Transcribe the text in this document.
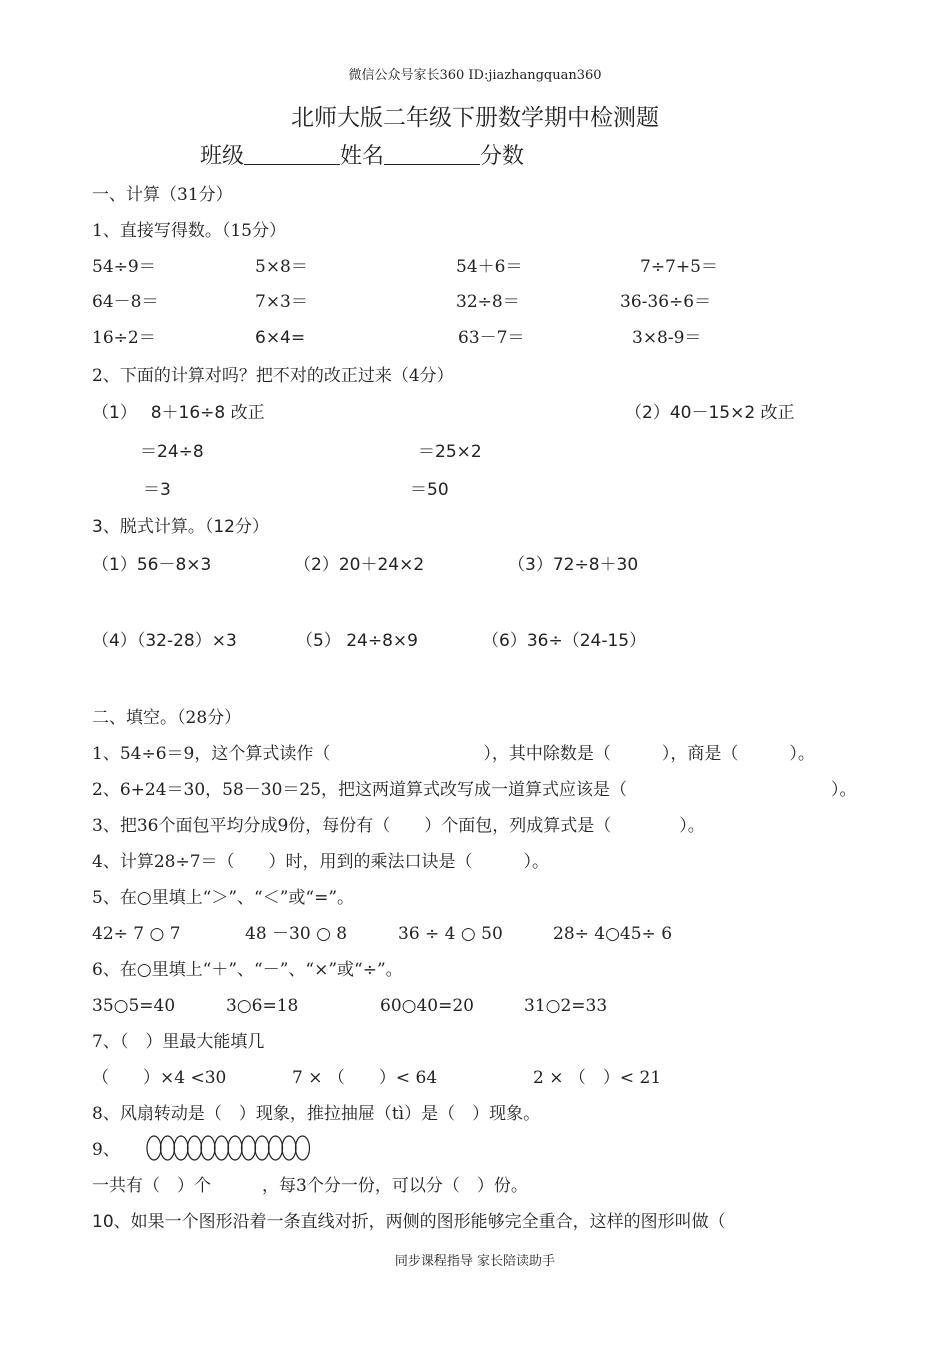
微信公众号家长360 ID:jiazhangquan360
北师大版二年级下册数学期中检测题
班级	姓名	分数
一、计算（31分）
1、直接写得数。（15分）
54÷9＝	5×8＝	54＋6＝	7÷7+5＝
64－8＝	7×3＝	32÷8＝	36-36÷6＝
16÷2＝	6×4=	63－7＝	3×8-9＝
2、下面的计算对吗？把不对的改正过来（4分）
（1）　 8＋16÷8 改正	（2）40－15×2 改正
＝24÷8	＝25×2
＝3	＝50
3、脱式计算。（12分）
（1）56－8×3	（2）20＋24×2	（3）72÷8＋30
（4）（32-28）×3	（5） 24÷8×9	（6）36÷（24-15）
二、填空。（28分）
1、54÷6＝9，这个算式读作（　　　　　　　　　），其中除数是（　　　），商是（　　　）。
2、6+24＝30，58－30＝25，把这两道算式改写成一道算式应该是（　　　　　　　　　　　　）。
3、把36个面包平均分成9份，每份有（　　）个面包，列成算式是（　　　　）。
4、计算28÷7＝（　　）时，用到的乘法口诀是（　　　）。
5、在○里填上“＞”、“＜”或“=”。
42÷ 7 ○ 7	48 －30 ○ 8	36 ÷ 4 ○ 50	28÷ 4○45÷ 6
6、在○里填上“＋”、“－”、“×”或“÷”。
35○5=40	3○6=18	60○40=20	31○2=33
7、（　）里最大能填几
（　　）×4 <30	7 × （　　）< 64	2 × （　）< 21
8、风扇转动是（　）现象，推拉抽屉（tì）是（　）现象。
9、
一共有（　）个　　　，每3个分一份，可以分（　）份。
10、如果一个图形沿着一条直线对折，两侧的图形能够完全重合，这样的图形叫做（
同步课程指导 家长陪读助手
